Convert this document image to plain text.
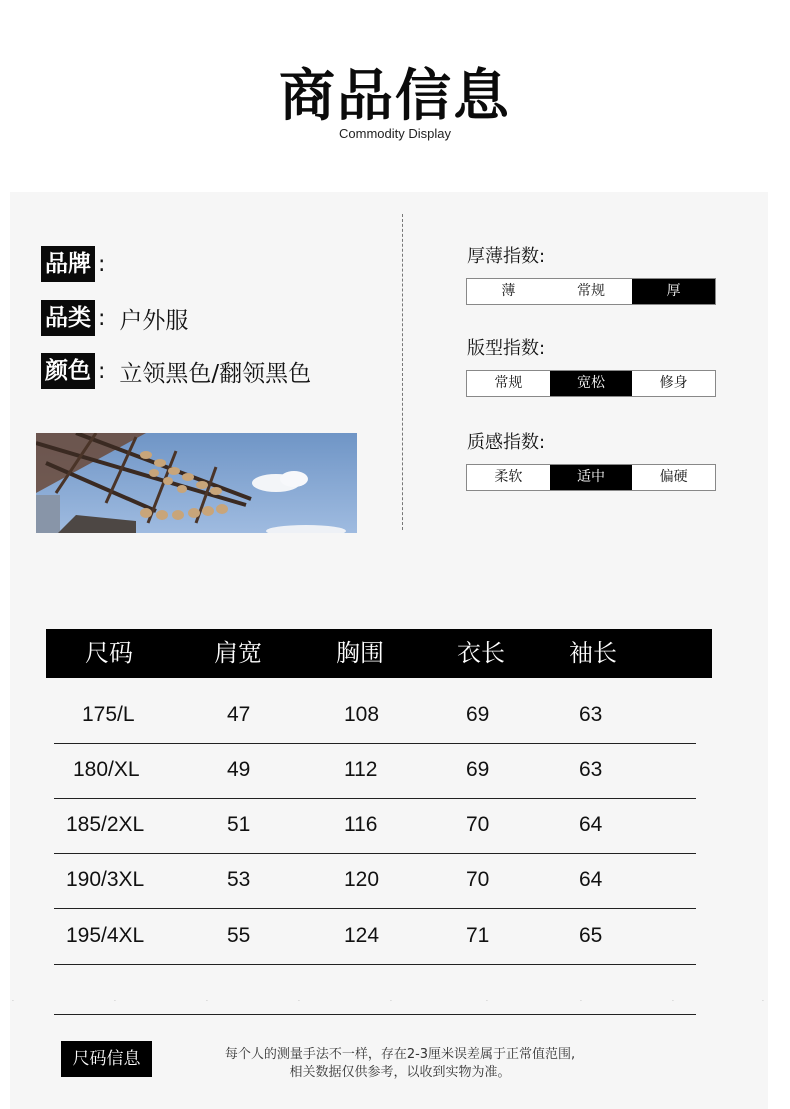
商品信息
Commodity Display
品牌 :
品类 : 户外服
颜色 : 立领黑色/翻领黑色
厚薄指数:
薄	常规	厚
版型指数:
常规	宽松	修身
质感指数:
柔软	适中	偏硬
尺码	肩宽	胸围	衣长	袖长
175/L	47	108	69	63
180/XL	49	112	69	63
185/2XL	51	116	70	64
190/3XL	53	120	70	64
195/4XL	55	124	71	65
·	·	·	·	·	·	·	·	·
尺码信息	每个人的测量手法不一样，存在2-3厘米误差属于正常值范围,
相关数据仅供参考，以收到实物为准。
